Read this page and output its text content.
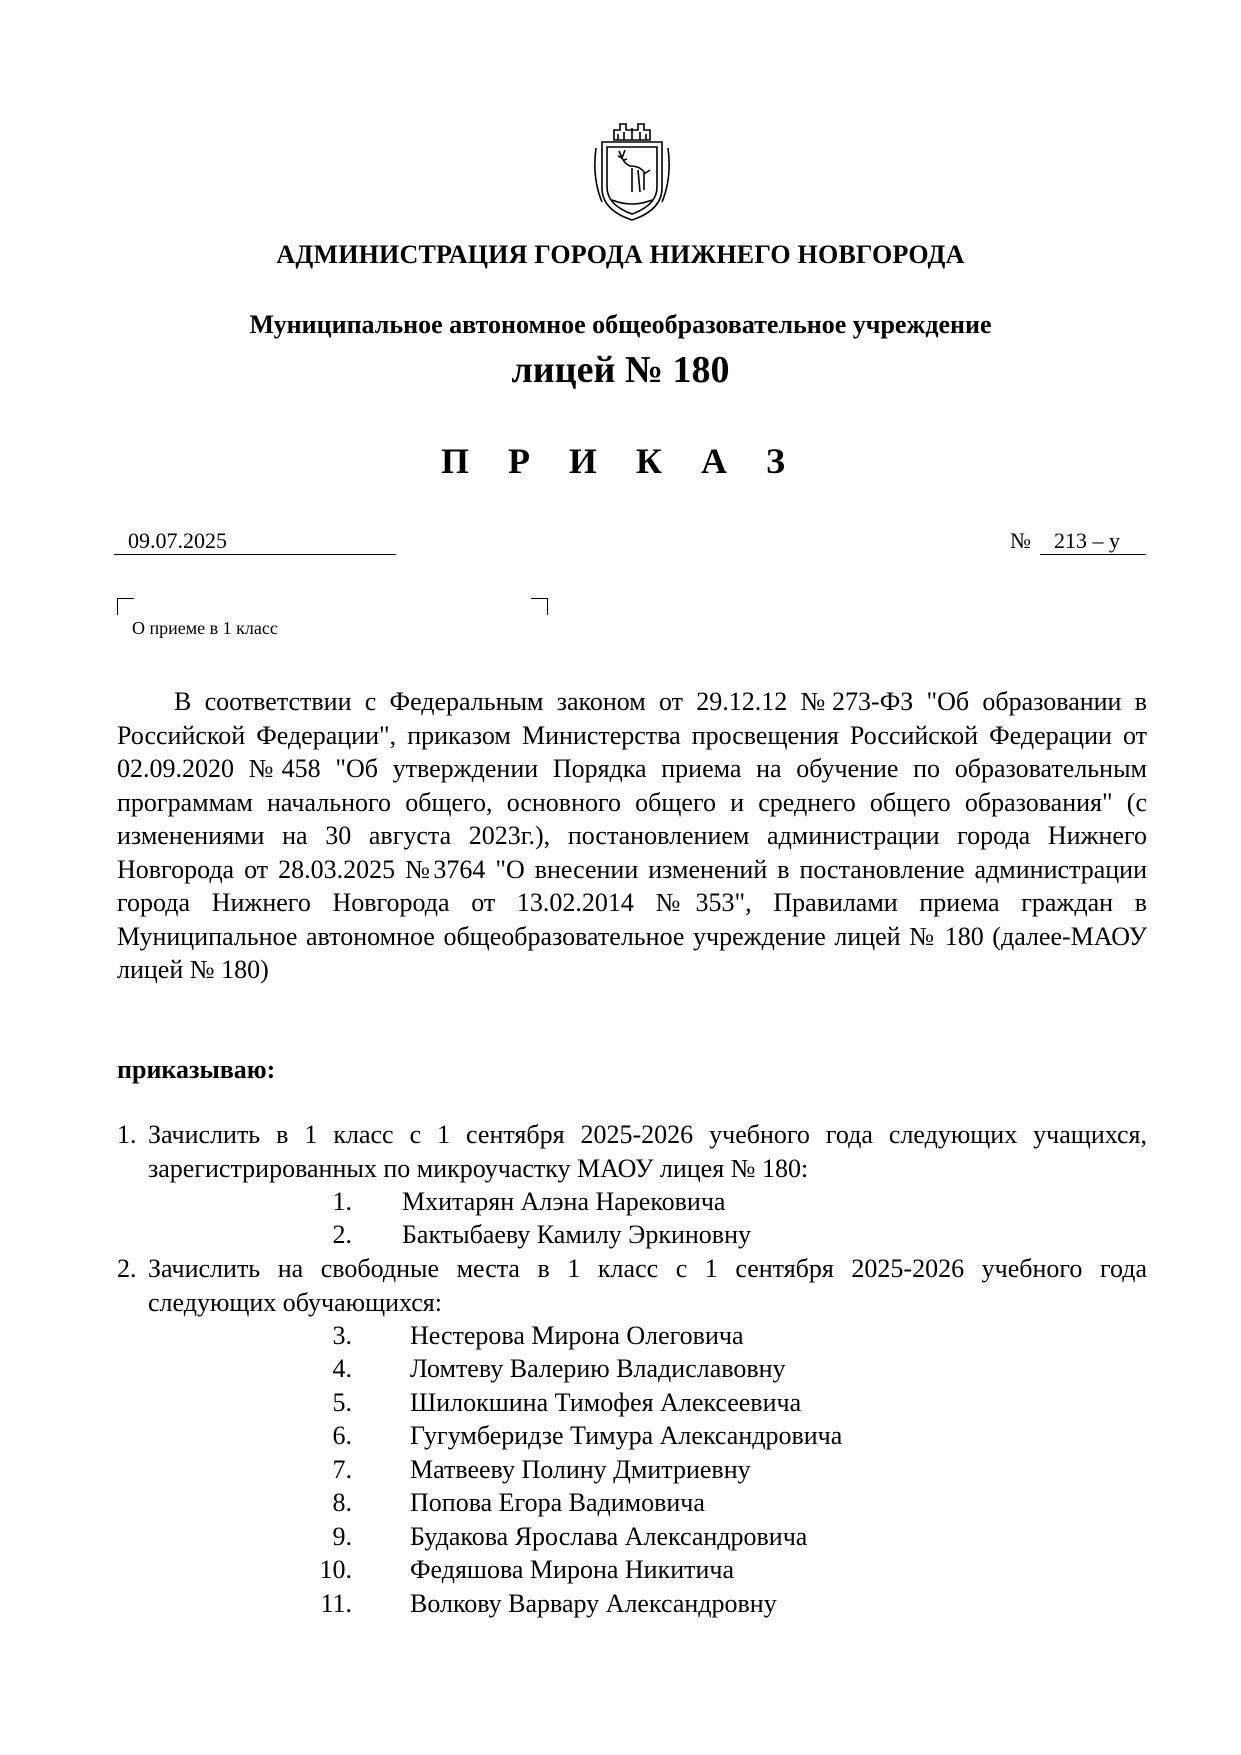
АДМИНИСТРАЦИЯ ГОРОДА НИЖНЕГО НОВГОРОДА
Муниципальное автономное общеобразовательное учреждение
лицей № 180
П Р И К А З
09.07.2025	№	213 – у
О приеме в 1 класс

В соответствии с Федеральным законом от 29.12.12 №273-ФЗ "Об образовании в Российской Федерации", приказом Министерства просвещения Российской Федерации от 02.09.2020 №458 "Об утверждении Порядка приема на обучение по образовательным программам начального общего, основного общего и среднего общего образования" (с изменениями на 30 августа 2023г.), постановлением администрации города Нижнего Новгорода от 28.03.2025 №3764 "О внесении изменений в постановление администрации города Нижнего Новгорода от 13.02.2014 №353", Правилами приема граждан в Муниципальное автономное общеобразовательное учреждение лицей № 180 (далее-МАОУ лицей № 180)

приказываю:
1. Зачислить в 1 класс с 1 сентября 2025-2026 учебного года следующих учащихся, зарегистрированных по микроучастку МАОУ лицея № 180:
2. Зачислить на свободные места в 1 класс с 1 сентября 2025-2026 учебного года следующих обучающихся:
1. Мхитарян Алэна Нарековича
2. Бактыбаеву Камилу Эркиновну
3. Нестерова Мирона Олеговича
4. Ломтеву Валерию Владиславовну
5. Шилокшина Тимофея Алексеевича
6. Гугумберидзе Тимура Александровича
7. Матвееву Полину Дмитриевну
8. Попова Егора Вадимовича
9. Будакова Ярослава Александровича
10. Федяшова Мирона Никитича
11. Волкову Варвару Александровну
